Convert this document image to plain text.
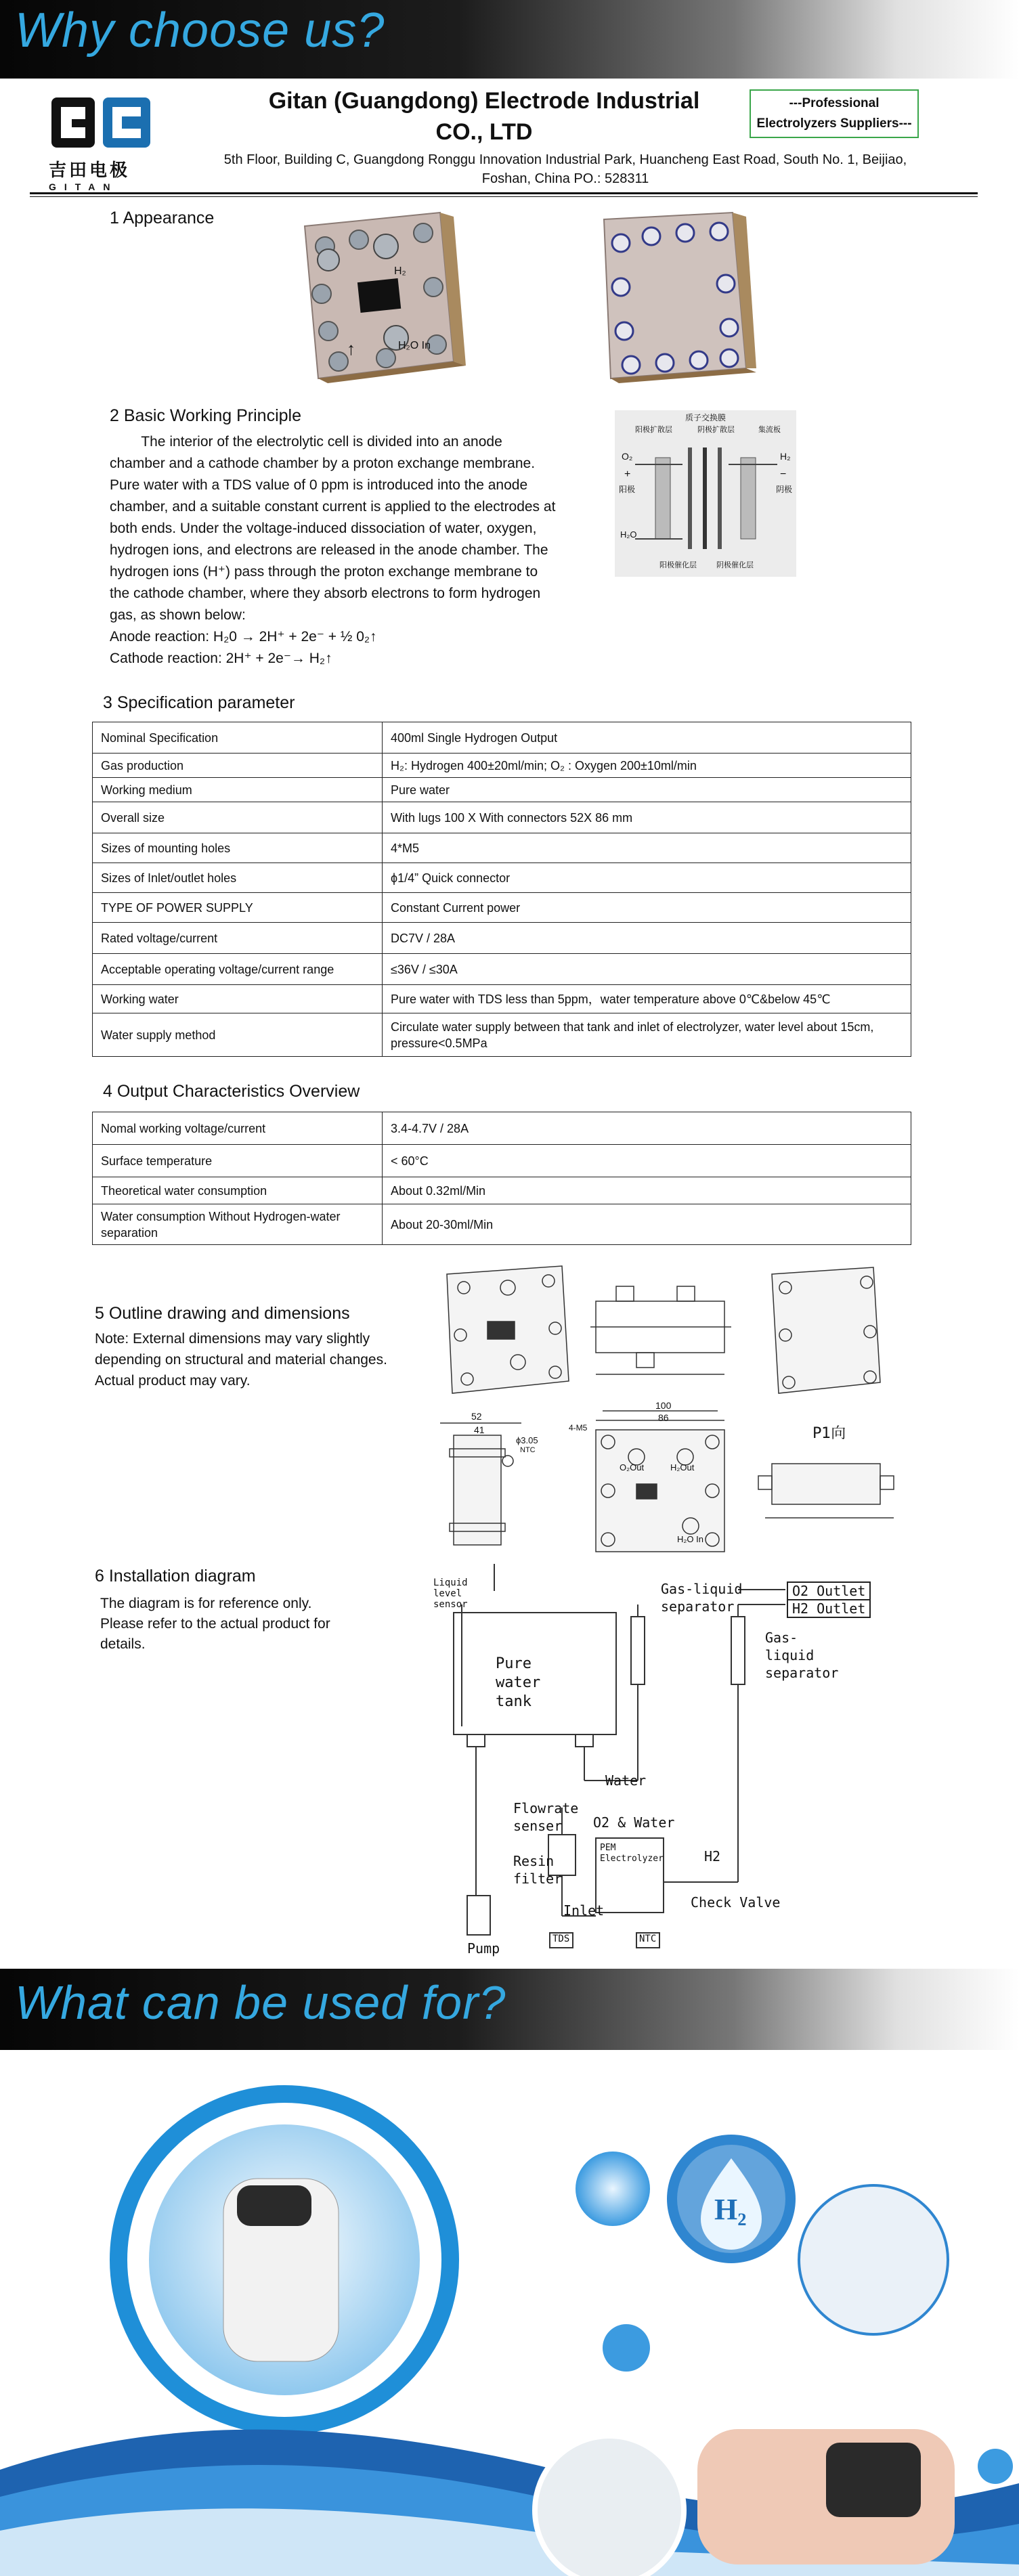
Why choose us?
吉田电极
GITAN
Gitan (Guangdong) Electrode Industrial
CO., LTD
---Professional
Electrolyzers Suppliers---
5th Floor, Building C, Guangdong Ronggu Innovation Industrial Park, Huancheng East Road, South No. 1, Beijiao,
Foshan, China PO.: 528311
1 Appearance
H₂
H₂O In
↑
2 Basic Working Principle
The interior of the electrolytic cell is divided into an anode
chamber and a cathode chamber by a proton exchange membrane.
Pure water with a TDS value of 0 ppm is introduced into the anode
chamber, and a suitable constant current is applied to the electrodes at
both ends. Under the voltage-induced dissociation of water, oxygen,
hydrogen ions, and electrons are released in the anode chamber. The
hydrogen ions (H⁺) pass through the proton exchange membrane to
the cathode chamber, where they absorb electrons to form hydrogen
gas, as shown below:
Anode reaction: H₂0 → 2H⁺ + 2e⁻ + ½ 0₂↑
Cathode reaction: 2H⁺ + 2e⁻→ H₂↑
质子交换膜
阳极扩散层	阴极扩散层	集流板
O₂	H₂
+	−
阳极	阴极
H₂O
阳极催化层	阴极催化层
3 Specification parameter
Nominal Specification	400ml Single Hydrogen Output
Gas production	H₂: Hydrogen 400±20ml/min; O₂ : Oxygen 200±10ml/min
Working medium	Pure water
Overall size	With lugs 100 X With connectors 52X 86 mm
Sizes of mounting holes	4*M5
Sizes of Inlet/outlet holes	ϕ1/4” Quick connector
TYPE OF POWER SUPPLY	Constant Current power
Rated voltage/current	DC7V / 28A
Acceptable operating voltage/current range	≤36V / ≤30A
Working water	Pure water with TDS less than 5ppm，water temperature above 0℃&below 45℃
Water supply method	Circulate water supply between that tank and inlet of electrolyzer, water level about 15cm, pressure<0.5MPa
4 Output Characteristics Overview
Nomal working voltage/current	3.4-4.7V / 28A
Surface temperature	< 60°C
Theoretical water consumption	About 0.32ml/Min
Water consumption Without Hydrogen-water separation	About 20-30ml/Min
5 Outline drawing and dimensions
Note: External dimensions may vary slightly
depending on structural and material changes.
Actual product may vary.
52
41
ϕ3.05
NTC
100
86
4-M5
O₂Out	H₂Out
H₂O In
P1向
6 Installation diagram
The diagram is for reference only.
Please refer to the actual product for
details.
Liquid level sensor
Gas-liquid separator
O2 Outlet
H2 Outlet
Gas-liquid separator
Pure water tank
Water
Flowrate senser	O2 & Water
Resin filter
PEM Electrolyzer	H2
Check Valve
Inlet
Pump
TDS	NTC
What can be used for?
H₂
